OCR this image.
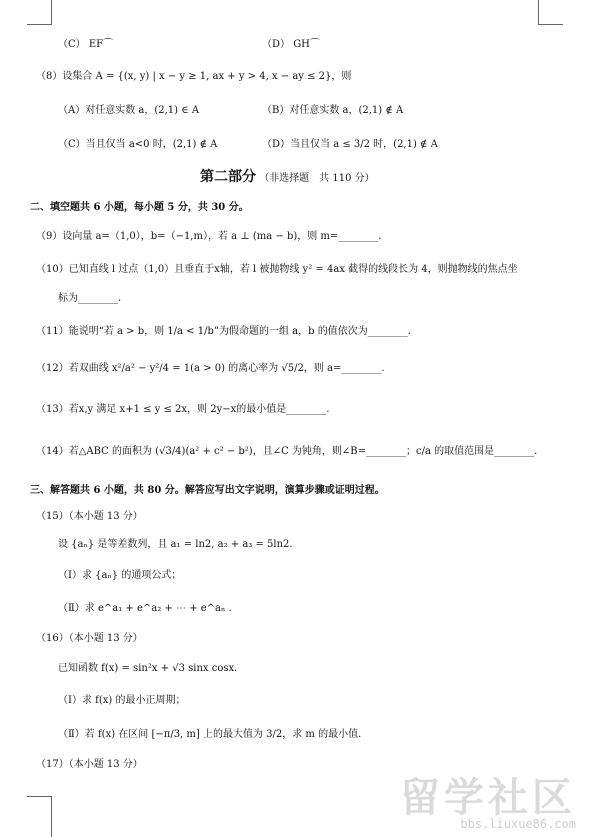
（C） EF⌒	（D） GH⌒
（8）设集合 A = {(x, y) | x − y ≥ 1, ax + y > 4, x − ay ≤ 2}，则
（A）对任意实数 a，(2,1) ∈ A	（B）对任意实数 a，(2,1) ∉ A
（C）当且仅当 a<0 时，(2,1) ∉ A	（D）当且仅当 a ≤ 3/2 时，(2,1) ∉ A
第二部分 （非选择题　共 110 分）
二、填空题共 6 小题，每小题 5 分，共 30 分。
（9）设向量 a=（1,0），b=（−1,m），若 a ⊥ (ma − b)，则 m=________.
（10）已知直线 l 过点（1,0）且垂直于x轴，若 l 被抛物线 y² = 4ax 截得的线段长为 4，则抛物线的焦点坐
标为________.
（11）能说明“若 a > b，则 1/a < 1/b”为假命题的一组 a，b 的值依次为________.
（12）若双曲线 x²/a² − y²/4 = 1(a > 0) 的离心率为 √5/2，则 a=________.
（13）若x,y 满足 x+1 ≤ y ≤ 2x，则 2y−x的最小值是________.
（14）若△ABC 的面积为 (√3/4)(a² + c² − b²)，且∠C 为钝角，则∠B=________；c/a 的取值范围是________.
三、解答题共 6 小题，共 80 分。解答应写出文字说明，演算步骤或证明过程。
（15）（本小题 13 分）
设 {aₙ} 是等差数列，且 a₁ = ln2, a₂ + a₃ = 5ln2.
（Ⅰ）求 {aₙ} 的通项公式；
（Ⅱ）求 e^a₁ + e^a₂ + ⋯ + e^aₙ .
（16）（本小题 13 分）
已知函数 f(x) = sin²x + √3 sinx cosx.
（Ⅰ）求 f(x) 的最小正周期；
（Ⅱ）若 f(x) 在区间 [−π/3, m] 上的最大值为 3/2，求 m 的最小值.
（17）（本小题 13 分）
留学社区
bbs.liuxue86.com
